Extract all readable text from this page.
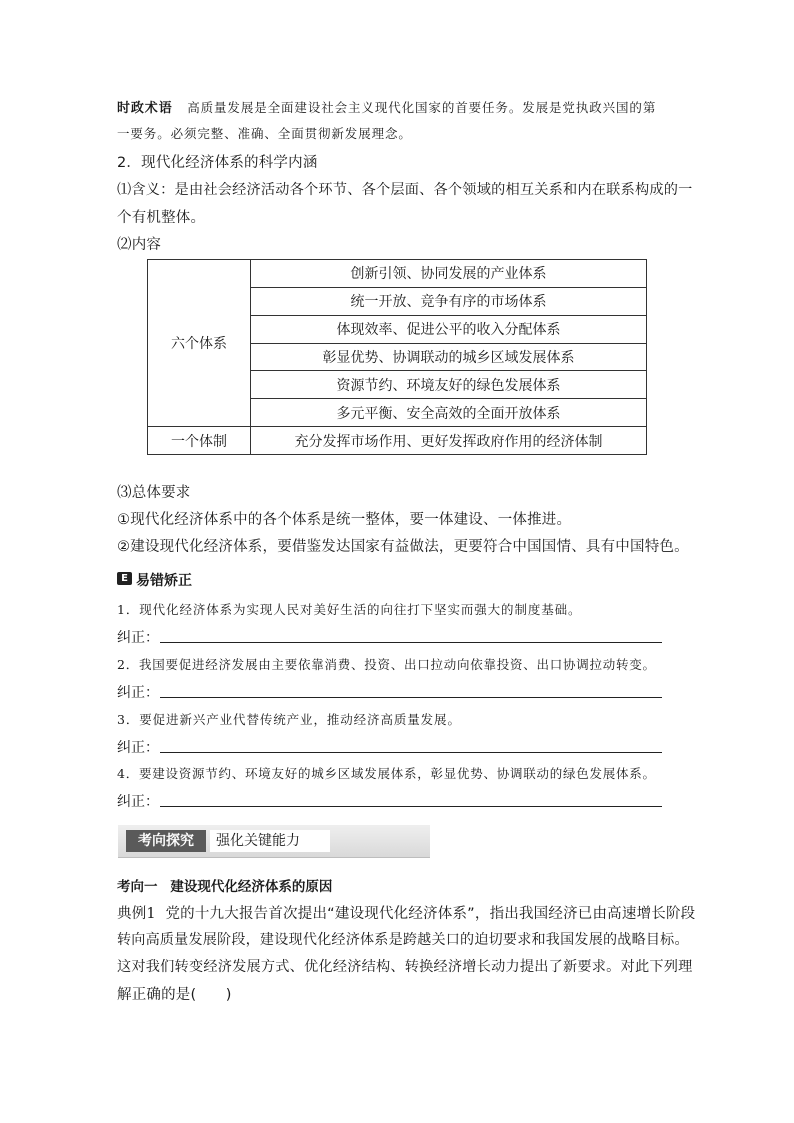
时政术语 高质量发展是全面建设社会主义现代化国家的首要任务。发展是党执政兴国的第
一要务。必须完整、准确、全面贯彻新发展理念。
2．现代化经济体系的科学内涵
⑴含义：是由社会经济活动各个环节、各个层面、各个领域的相互关系和内在联系构成的一
个有机整体。
⑵内容
六个体系	创新引领、协同发展的产业体系
	统一开放、竞争有序的市场体系
	体现效率、促进公平的收入分配体系
	彰显优势、协调联动的城乡区域发展体系
	资源节约、环境友好的绿色发展体系
	多元平衡、安全高效的全面开放体系
一个体制	充分发挥市场作用、更好发挥政府作用的经济体制
⑶总体要求
①现代化经济体系中的各个体系是统一整体，要一体建设、一体推进。
②建设现代化经济体系，要借鉴发达国家有益做法，更要符合中国国情、具有中国特色。
E 易错矫正
1．现代化经济体系为实现人民对美好生活的向往打下坚实而强大的制度基础。
纠正：
2．我国要促进经济发展由主要依靠消费、投资、出口拉动向依靠投资、出口协调拉动转变。
纠正：
3．要促进新兴产业代替传统产业，推动经济高质量发展。
纠正：
4．要建设资源节约、环境友好的城乡区域发展体系，彰显优势、协调联动的绿色发展体系。
纠正：
考向探究	强化关键能力
考向一 建设现代化经济体系的原因
典例1 党的十九大报告首次提出“建设现代化经济体系”，指出我国经济已由高速增长阶段
转向高质量发展阶段，建设现代化经济体系是跨越关口的迫切要求和我国发展的战略目标。
这对我们转变经济发展方式、优化经济结构、转换经济增长动力提出了新要求。对此下列理
解正确的是(　　)
